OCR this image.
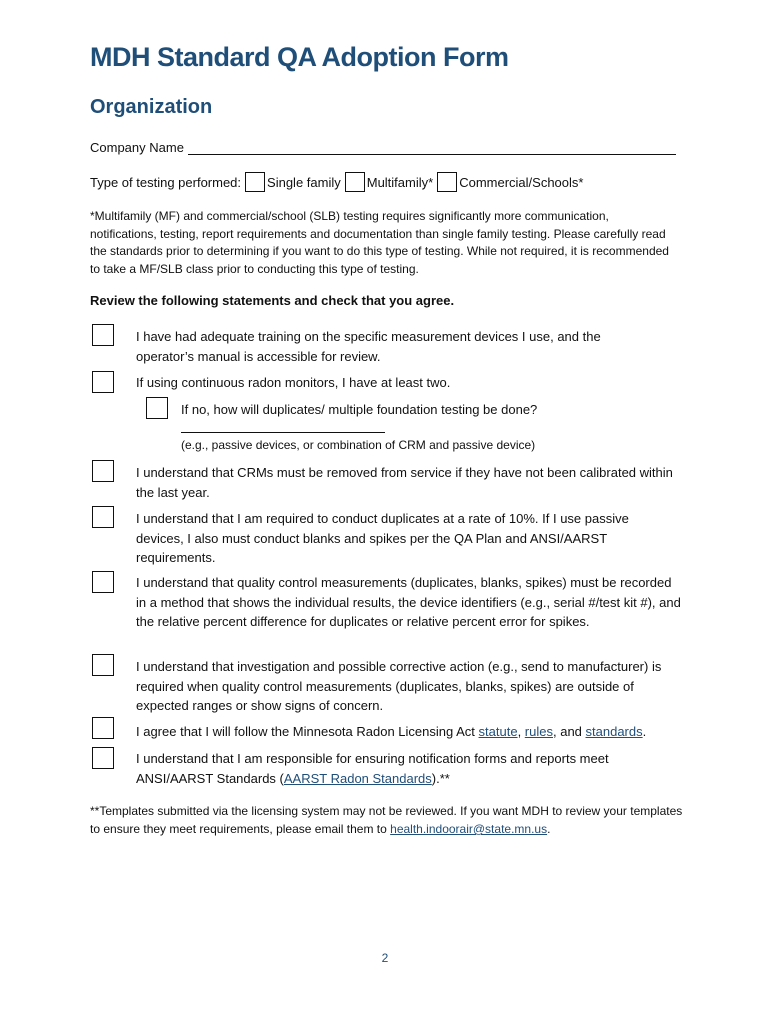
MDH Standard QA Adoption Form
Organization
Company Name
Type of testing performed: Single family Multifamily* Commercial/Schools*

*Multifamily (MF) and commercial/school (SLB) testing requires significantly more communication, notifications, testing, report requirements and documentation than single family testing. Please carefully read the standards prior to determining if you want to do this type of testing. While not required, it is recommended to take a MF/SLB class prior to conducting this type of testing.

Review the following statements and check that you agree.

I have had adequate training on the specific measurement devices I use, and the operator’s manual is accessible for review.
If using continuous radon monitors, I have at least two.
If no, how will duplicates/ multiple foundation testing be done?
(e.g., passive devices, or combination of CRM and passive device)
I understand that CRMs must be removed from service if they have not been calibrated within the last year.
I understand that I am required to conduct duplicates at a rate of 10%. If I use passive devices, I also must conduct blanks and spikes per the QA Plan and ANSI/AARST requirements.
I understand that quality control measurements (duplicates, blanks, spikes) must be recorded in a method that shows the individual results, the device identifiers (e.g., serial #/test kit #), and the relative percent difference for duplicates or relative percent error for spikes.
I understand that investigation and possible corrective action (e.g., send to manufacturer) is required when quality control measurements (duplicates, blanks, spikes) are outside of expected ranges or show signs of concern.
I agree that I will follow the Minnesota Radon Licensing Act statute, rules, and standards.
I understand that I am responsible for ensuring notification forms and reports meet ANSI/AARST Standards (AARST Radon Standards).**

**Templates submitted via the licensing system may not be reviewed. If you want MDH to review your templates to ensure they meet requirements, please email them to health.indoorair@state.mn.us.

2
